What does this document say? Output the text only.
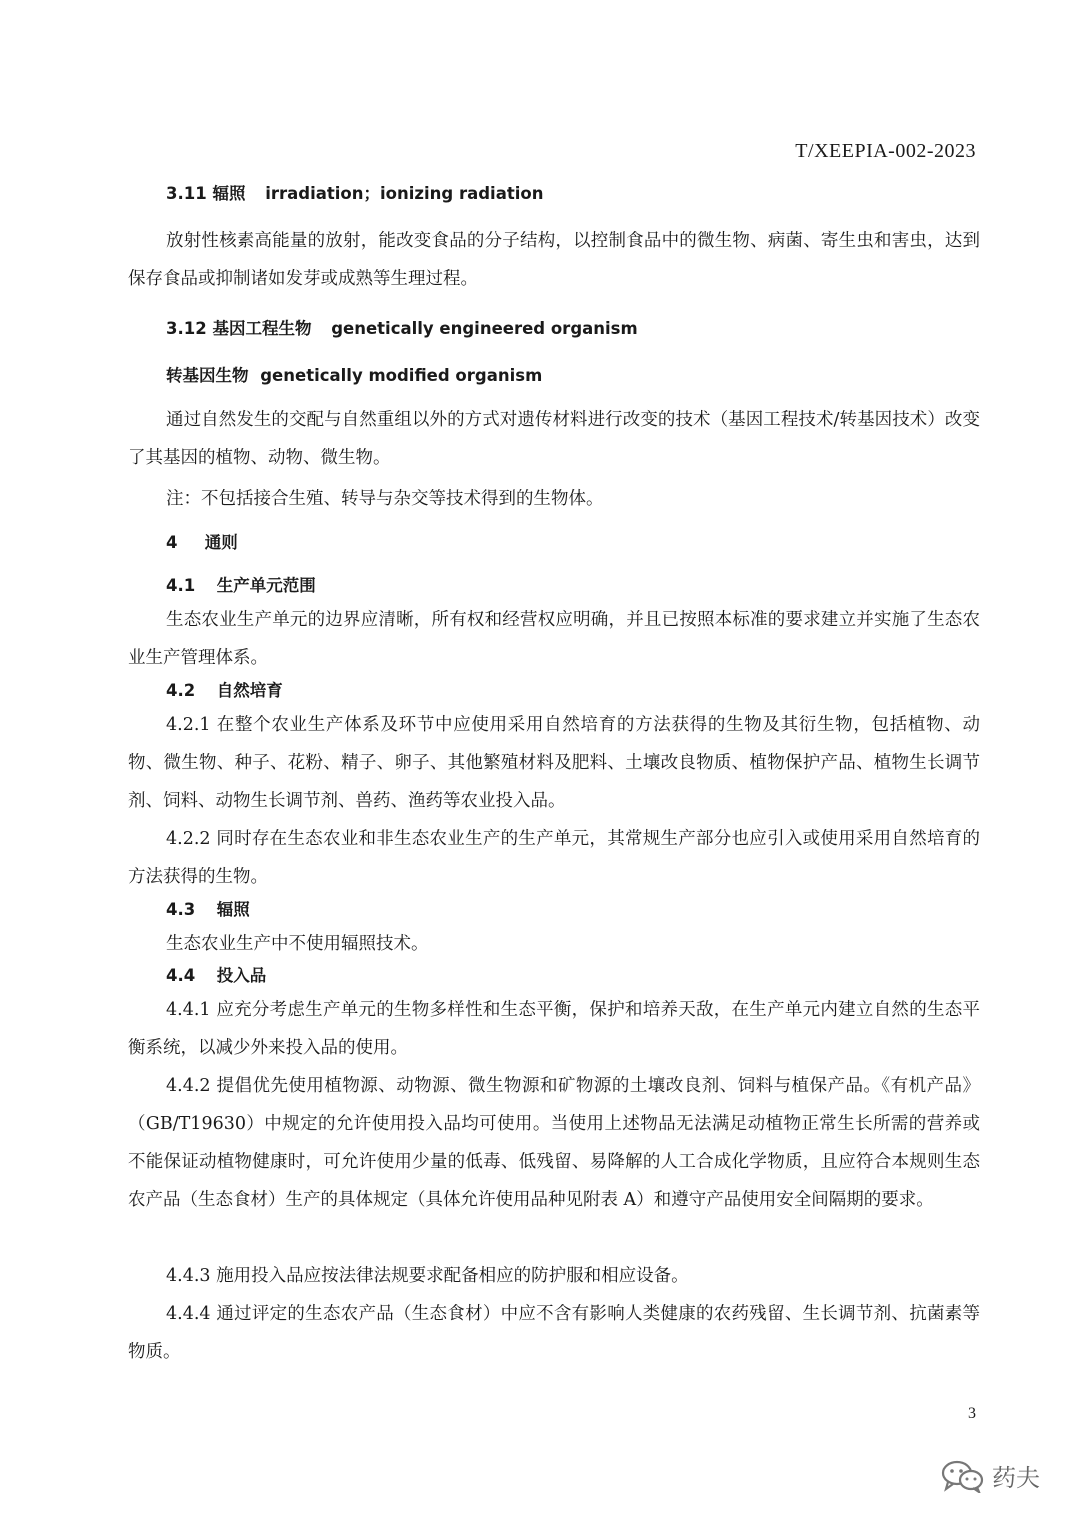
T/XEEPIA-002-2023
3.11 辐照 irradiation；ionizing radiation
放射性核素高能量的放射，能改变食品的分子结构，以控制食品中的微生物、病菌、寄生虫和害虫，达到保存食品或抑制诸如发芽或成熟等生理过程。
3.12 基因工程生物 genetically engineered organism
转基因生物 genetically modified organism
通过自然发生的交配与自然重组以外的方式对遗传材料进行改变的技术（基因工程技术/转基因技术）改变了其基因的植物、动物、微生物。
注：不包括接合生殖、转导与杂交等技术得到的生物体。
4 通则
4.1 生产单元范围
生态农业生产单元的边界应清晰，所有权和经营权应明确，并且已按照本标准的要求建立并实施了生态农业生产管理体系。
4.2 自然培育
4.2.1 在整个农业生产体系及环节中应使用采用自然培育的方法获得的生物及其衍生物，包括植物、动物、微生物、种子、花粉、精子、卵子、其他繁殖材料及肥料、土壤改良物质、植物保护产品、植物生长调节剂、饲料、动物生长调节剂、兽药、渔药等农业投入品。
4.2.2 同时存在生态农业和非生态农业生产的生产单元，其常规生产部分也应引入或使用采用自然培育的方法获得的生物。
4.3 辐照
生态农业生产中不使用辐照技术。
4.4 投入品
4.4.1 应充分考虑生产单元的生物多样性和生态平衡，保护和培养天敌，在生产单元内建立自然的生态平衡系统，以减少外来投入品的使用。
4.4.2 提倡优先使用植物源、动物源、微生物源和矿物源的土壤改良剂、饲料与植保产品。《有机产品》（GB/T19630）中规定的允许使用投入品均可使用。当使用上述物品无法满足动植物正常生长所需的营养或不能保证动植物健康时，可允许使用少量的低毒、低残留、易降解的人工合成化学物质，且应符合本规则生态农产品（生态食材）生产的具体规定（具体允许使用品种见附表 A）和遵守产品使用安全间隔期的要求。
4.4.3 施用投入品应按法律法规要求配备相应的防护服和相应设备。
4.4.4 通过评定的生态农产品（生态食材）中应不含有影响人类健康的农药残留、生长调节剂、抗菌素等物质。
3
药夫
